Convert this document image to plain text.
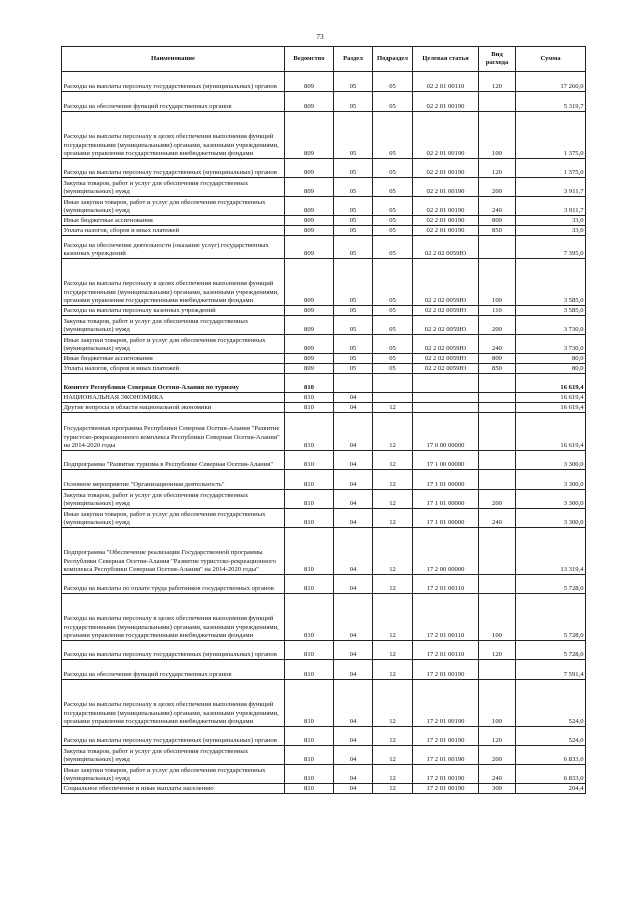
73
Наименование	Ведомство	Раздел	Подраздел	Целевая статья	Вид расхода	Сумма
Расходы на выплаты персоналу государственных (муниципальных) органов	809	05	05	02 2 01 00110	120	17 260,0
Расходы на обеспечение функций государственных органов	809	05	05	02 2 01 00190		5 319,7
Расходы на выплаты персоналу в целях обеспечения выполнения функций государственными (муниципальными) органами, казенными учреждениями, органами управления государственными внебюджетными фондами	809	05	05	02 2 01 00190	100	1 375,0
Расходы на выплаты персоналу государственных (муниципальных) органов	809	05	05	02 2 01 00190	120	1 375,0
Закупка товаров, работ и услуг для обеспечения государственных (муниципальных) нужд	809	05	05	02 2 01 00190	200	3 911,7
Иные закупки товаров, работ и услуг для обеспечения государственных (муниципальных) нужд	809	05	05	02 2 01 00190	240	3 911,7
Иные бюджетные ассигнования	809	05	05	02 2 01 00190	800	33,0
Уплата налогов, сборов и иных платежей	809	05	05	02 2 01 00190	850	33,0
Расходы на обеспечение деятельности (оказание услуг) государственных казенных учреждений	809	05	05	02 2 02 0059Ю		7 395,0
Расходы на выплаты персоналу в целях обеспечения выполнения функций государственными (муниципальными) органами, казенными учреждениями, органами управления государственными внебюджетными фондами	809	05	05	02 2 02 0059Ю	100	3 585,0
Расходы на выплаты персоналу казенных учреждений	809	05	05	02 2 02 0059Ю	110	3 585,0
Закупка товаров, работ и услуг для обеспечения государственных (муниципальных) нужд	809	05	05	02 2 02 0059Ю	200	3 730,0
Иные закупки товаров, работ и услуг для обеспечения государственных (муниципальных) нужд	809	05	05	02 2 02 0059Ю	240	3 730,0
Иные бюджетные ассигнования	809	05	05	02 2 02 0059Ю	800	80,0
Уплата налогов, сборов и иных платежей	809	05	05	02 2 02 0059Ю	850	80,0
Комитет Республики Северная Осетия-Алания по туризму	810					16 619,4
НАЦИОНАЛЬНАЯ ЭКОНОМИКА	810	04				16 619,4
Другие вопросы в области национальной экономики	810	04	12			16 619,4
Государственная программа Республики Северная Осетия-Алания "Развитие туристско-рекреационного комплекса Республики Северная Осетия-Алания" на 2014-2020 годы	810	04	12	17 0 00 00000		16 619,4
Подпрограмма "Развитие туризма в Республике Северная Осетия-Алания"	810	04	12	17 1 00 00000		3 300,0
Основное мероприятие "Организационная деятельность"	810	04	12	17 1 01 00000		3 300,0
Закупка товаров, работ и услуг для обеспечения государственных (муниципальных) нужд	810	04	12	17 1 01 00000	200	3 300,0
Иные закупки товаров, работ и услуг для обеспечения государственных (муниципальных) нужд	810	04	12	17 1 01 00000	240	3 300,0
Подпрограмма "Обеспечение реализации Государственной программы Республики Северная Осетия-Алания "Развитие туристско-рекреационного комплекса Республики Северная Осетия-Алания" на 2014-2020 годы"	810	04	12	17 2 00 00000		13 319,4
Расходы на выплаты по оплате труда работников государственных органов	810	04	12	17 2 01 00110		5 728,0
Расходы на выплаты персоналу в целях обеспечения выполнения функций государственными (муниципальными) органами, казенными учреждениями, органами управления государственными внебюджетными фондами	810	04	12	17 2 01 00110	100	5 728,0
Расходы на выплаты персоналу государственных (муниципальных) органов	810	04	12	17 2 01 00110	120	5 728,0
Расходы на обеспечение функций государственных органов	810	04	12	17 2 01 00190		7 591,4
Расходы на выплаты персоналу в целях обеспечения выполнения функций государственными (муниципальными) органами, казенными учреждениями, органами управления государственными внебюджетными фондами	810	04	12	17 2 01 00190	100	524,0
Расходы на выплаты персоналу государственных (муниципальных) органов	810	04	12	17 2 01 00190	120	524,0
Закупка товаров, работ и услуг для обеспечения государственных (муниципальных) нужд	810	04	12	17 2 01 00190	200	6 833,0
Иные закупки товаров, работ и услуг для обеспечения государственных (муниципальных) нужд	810	04	12	17 2 01 00190	240	6 833,0
Социальное обеспечение и иные выплаты населению	810	04	12	17 2 01 00190	300	204,4
